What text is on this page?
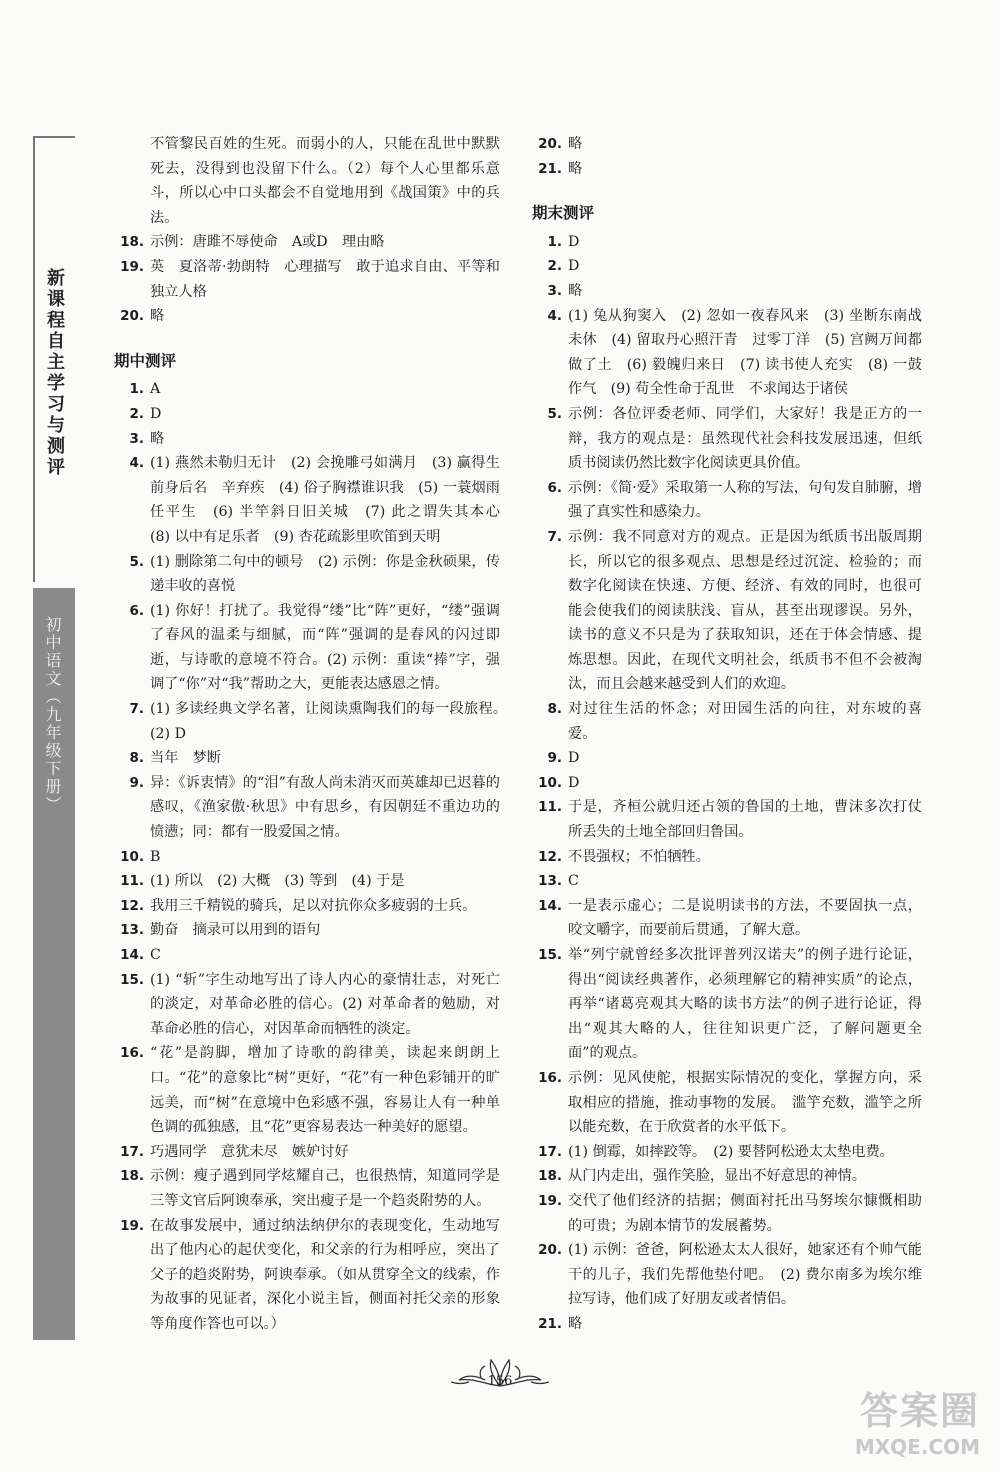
新课程自主学习与测评
初中语文（九年级下册）
不管黎民百姓的生死。而弱小的人，只能在乱世中默默死去，没得到也没留下什么。（2）每个人心里都乐意斗，所以心中口头都会不自觉地用到《战国策》中的兵法。
18. 示例：唐雎不辱使命　A或D　理由略
19. 英　夏洛蒂·勃朗特　心理描写　敢于追求自由、平等和独立人格
20. 略
期中测评
1. A
2. D
3. 略
4. (1) 燕然未勒归无计　(2) 会挽雕弓如满月　(3) 赢得生前身后名　辛弃疾　(4) 俗子胸襟谁识我　(5) 一蓑烟雨任平生　(6) 半竿斜日旧关城　(7) 此之谓失其本心　(8) 以中有足乐者　(9) 杏花疏影里吹笛到天明
5. (1) 删除第二句中的顿号　(2) 示例：你是金秋硕果，传递丰收的喜悦
6. (1) 你好！打扰了。我觉得“缕”比“阵”更好，“缕”强调了春风的温柔与细腻，而“阵”强调的是春风的闪过即逝，与诗歌的意境不符合。(2) 示例：重读“捧”字，强调了“你”对“我”帮助之大，更能表达感恩之情。
7. (1) 多读经典文学名著，让阅读熏陶我们的每一段旅程。　(2) D
8. 当年　梦断
9. 异：《诉衷情》的“泪”有敌人尚未消灭而英雄却已迟暮的感叹，《渔家傲·秋思》中有思乡，有因朝廷不重边功的愤懑；同：都有一股爱国之情。
10. B
11. (1) 所以　(2) 大概　(3) 等到　(4) 于是
12. 我用三千精锐的骑兵，足以对抗你众多疲弱的士兵。
13. 勤奋　摘录可以用到的语句
14. C
15. (1) “斩”字生动地写出了诗人内心的豪情壮志，对死亡的淡定，对革命必胜的信心。(2) 对革命者的勉励，对革命必胜的信心，对因革命而牺牲的淡定。
16. “花”是韵脚，增加了诗歌的韵律美，读起来朗朗上口。“花”的意象比“树”更好，“花”有一种色彩铺开的旷远美，而“树”在意境中色彩感不强，容易让人有一种单色调的孤独感，且“花”更容易表达一种美好的愿望。
17. 巧遇同学　意犹未尽　嫉妒讨好
18. 示例：瘦子遇到同学炫耀自己，也很热情，知道同学是三等文官后阿谀奉承，突出瘦子是一个趋炎附势的人。
19. 在故事发展中，通过纳法纳伊尔的表现变化，生动地写出了他内心的起伏变化，和父亲的行为相呼应，突出了父子的趋炎附势，阿谀奉承。（如从贯穿全文的线索，作为故事的见证者，深化小说主旨，侧面衬托父亲的形象等角度作答也可以。）
20. 略
21. 略
期末测评
1. D
2. D
3. 略
4. (1) 兔从狗窦入　(2) 忽如一夜春风来　(3) 坐断东南战未休　(4) 留取丹心照汗青　过零丁洋　(5) 宫阙万间都做了土　(6) 毅魄归来日　(7) 读书使人充实　(8) 一鼓作气　(9) 苟全性命于乱世　不求闻达于诸侯
5. 示例：各位评委老师、同学们，大家好！我是正方的一辩，我方的观点是：虽然现代社会科技发展迅速，但纸质书阅读仍然比数字化阅读更具价值。
6. 示例：《简·爱》采取第一人称的写法，句句发自肺腑，增强了真实性和感染力。
7. 示例：我不同意对方的观点。正是因为纸质书出版周期长，所以它的很多观点、思想是经过沉淀、检验的；而数字化阅读在快速、方便、经济、有效的同时，也很可能会使我们的阅读肤浅、盲从，甚至出现谬误。另外，读书的意义不只是为了获取知识，还在于体会情感、提炼思想。因此，在现代文明社会，纸质书不但不会被淘汰，而且会越来越受到人们的欢迎。
8. 对过往生活的怀念；对田园生活的向往，对东坡的喜爱。
9. D
10. D
11. 于是，齐桓公就归还占领的鲁国的土地，曹沫多次打仗所丢失的土地全部回归鲁国。
12. 不畏强权；不怕牺牲。
13. C
14. 一是表示虚心；二是说明读书的方法，不要固执一点，咬文嚼字，而要前后贯通，了解大意。
15. 举“列宁就曾经多次批评普列汉诺夫”的例子进行论证，得出“阅读经典著作，必须理解它的精神实质”的论点，再举“诸葛亮观其大略的读书方法”的例子进行论证，得出“观其大略的人，往往知识更广泛，了解问题更全面”的观点。
16. 示例：见风使舵，根据实际情况的变化，掌握方向，采取相应的措施，推动事物的发展。　滥竽充数，滥竽之所以能充数，在于欣赏者的水平低下。
17. (1) 倒霉，如摔跤等。　(2) 要替阿松逊太太垫电费。
18. 从门内走出，强作笑脸，显出不好意思的神情。
19. 交代了他们经济的拮据；侧面衬托出马努埃尔慷慨相助的可贵；为剧本情节的发展蓄势。
20. (1) 示例：爸爸，阿松逊太太人很好，她家还有个帅气能干的儿子，我们先帮他垫付吧。　(2) 费尔南多为埃尔维拉写诗，他们成了好朋友或者情侣。
21. 略
156
答案圈
MXQE.COM
